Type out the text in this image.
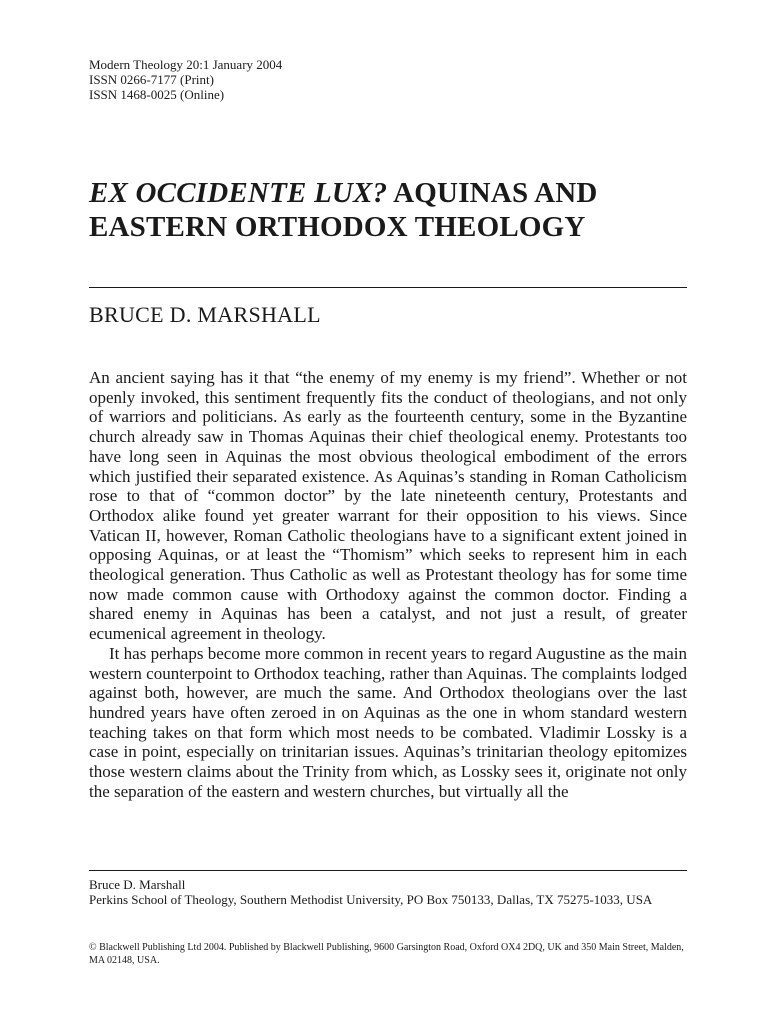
Modern Theology 20:1 January 2004
ISSN 0266-7177 (Print)
ISSN 1468-0025 (Online)
EX OCCIDENTE LUX? AQUINAS AND
EASTERN ORTHODOX THEOLOGY
BRUCE D. MARSHALL

An ancient saying has it that “the enemy of my enemy is my friend”. Whether or not openly invoked, this sentiment frequently fits the conduct of theologians, and not only of warriors and politicians. As early as the fourteenth century, some in the Byzantine church already saw in Thomas Aquinas their chief theological enemy. Protestants too have long seen in Aquinas the most obvious theological embodiment of the errors which justified their separated existence. As Aquinas’s standing in Roman Catholicism rose to that of “common doctor” by the late nineteenth century, Protestants and Orthodox alike found yet greater warrant for their opposition to his views. Since Vatican II, however, Roman Catholic theologians have to a significant extent joined in opposing Aquinas, or at least the “Thomism” which seeks to represent him in each theological generation. Thus Catholic as well as Protestant theology has for some time now made common cause with Orthodoxy against the common doctor. Finding a shared enemy in Aquinas has been a catalyst, and not just a result, of greater ecumenical agreement in theology.

It has perhaps become more common in recent years to regard Augustine as the main western counterpoint to Orthodox teaching, rather than Aquinas. The complaints lodged against both, however, are much the same. And Orthodox theologians over the last hundred years have often zeroed in on Aquinas as the one in whom standard western teaching takes on that form which most needs to be combated. Vladimir Lossky is a case in point, especially on trinitarian issues. Aquinas’s trinitarian theology epitomizes those western claims about the Trinity from which, as Lossky sees it, originate not only the separation of the eastern and western churches, but virtually all the

Bruce D. Marshall
Perkins School of Theology, Southern Methodist University, PO Box 750133, Dallas, TX 75275-1033, USA
© Blackwell Publishing Ltd 2004. Published by Blackwell Publishing, 9600 Garsington Road, Oxford OX4 2DQ, UK and 350 Main Street, Malden, MA 02148, USA.
